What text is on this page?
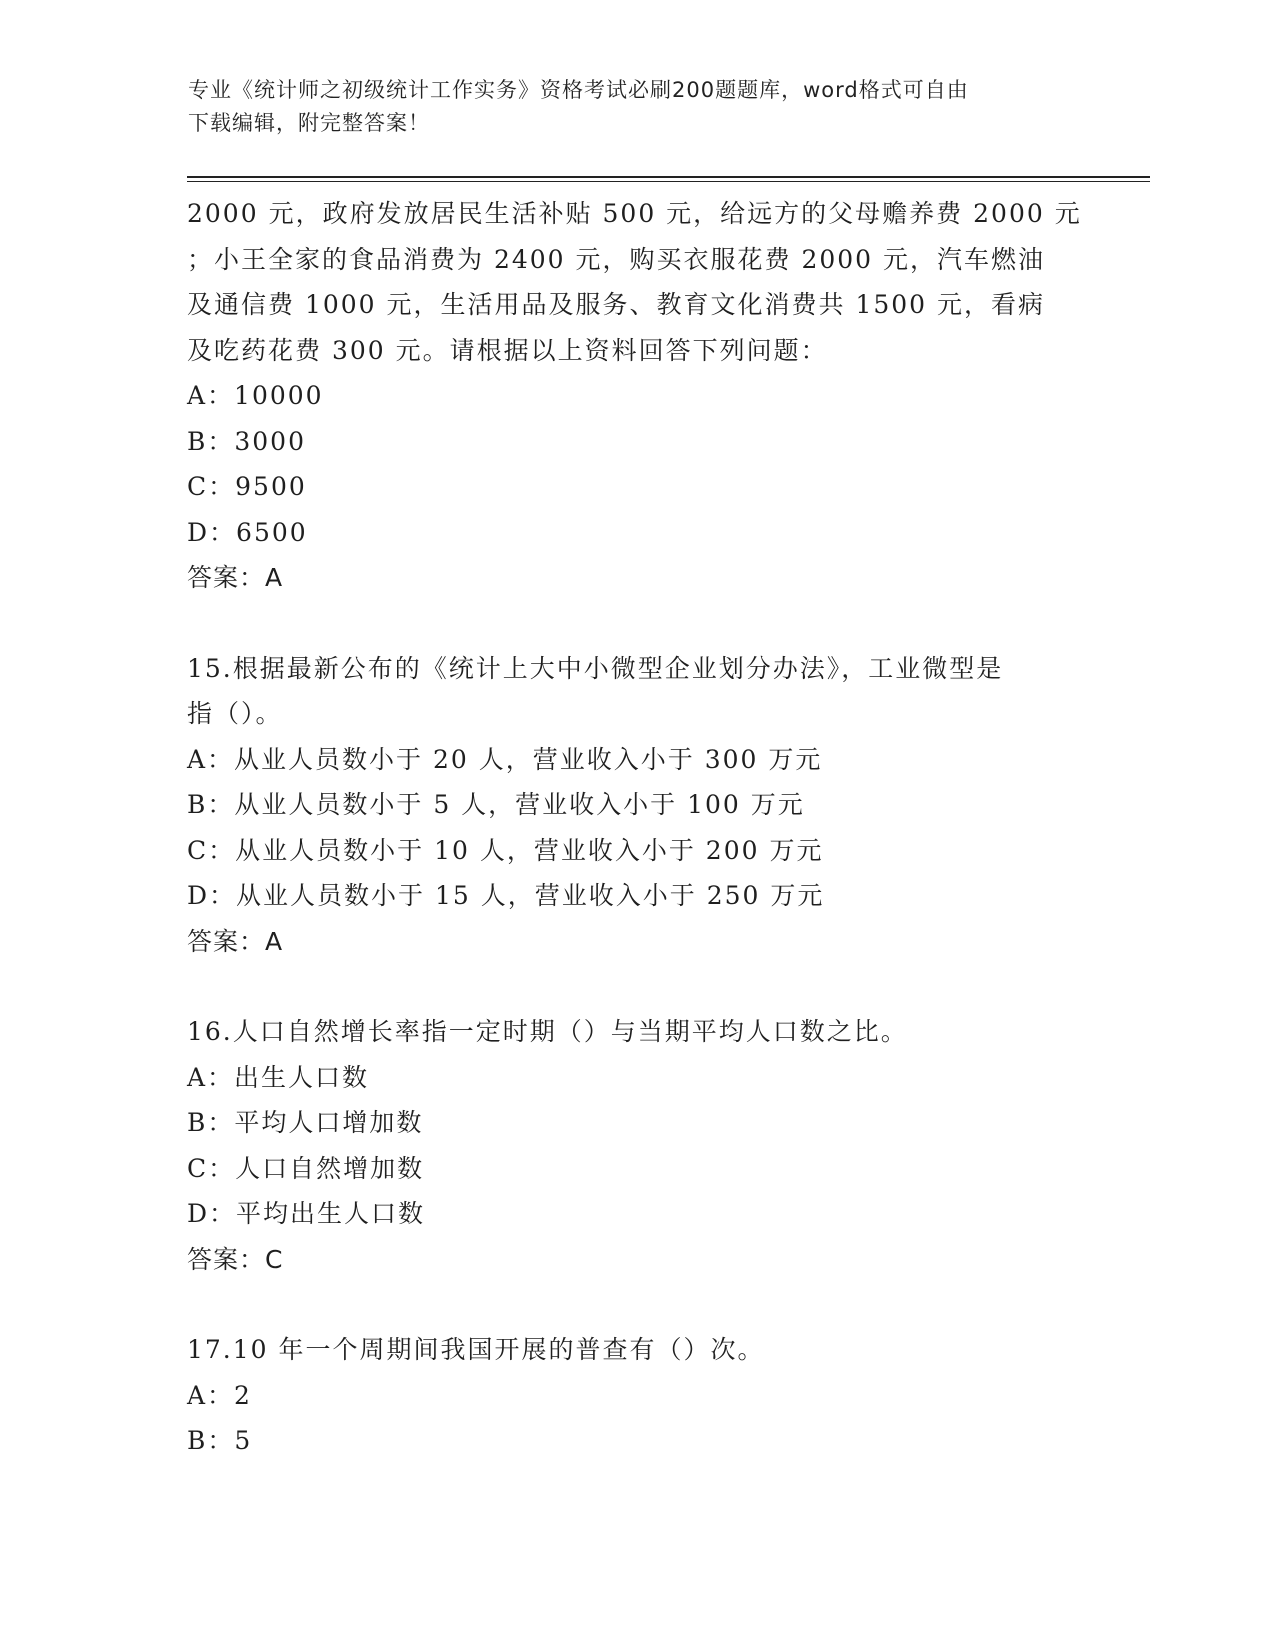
专业《统计师之初级统计工作实务》资格考试必刷200题题库，word格式可自由
下载编辑，附完整答案！
2000 元，政府发放居民生活补贴 500 元，给远方的父母赡养费 2000 元
；小王全家的食品消费为 2400 元，购买衣服花费 2000 元，汽车燃油
及通信费 1000 元，生活用品及服务、教育文化消费共 1500 元，看病
及吃药花费 300 元。请根据以上资料回答下列问题：
A：10000
B：3000
C：9500
D：6500
答案：A
15.根据最新公布的《统计上大中小微型企业划分办法》，工业微型是
指（）。
A：从业人员数小于 20 人，营业收入小于 300 万元
B：从业人员数小于 5 人，营业收入小于 100 万元
C：从业人员数小于 10 人，营业收入小于 200 万元
D：从业人员数小于 15 人，营业收入小于 250 万元
答案：A
16.人口自然增长率指一定时期（）与当期平均人口数之比。
A：出生人口数
B：平均人口增加数
C：人口自然增加数
D：平均出生人口数
答案：C
17.10 年一个周期间我国开展的普查有（）次。
A：2
B：5
